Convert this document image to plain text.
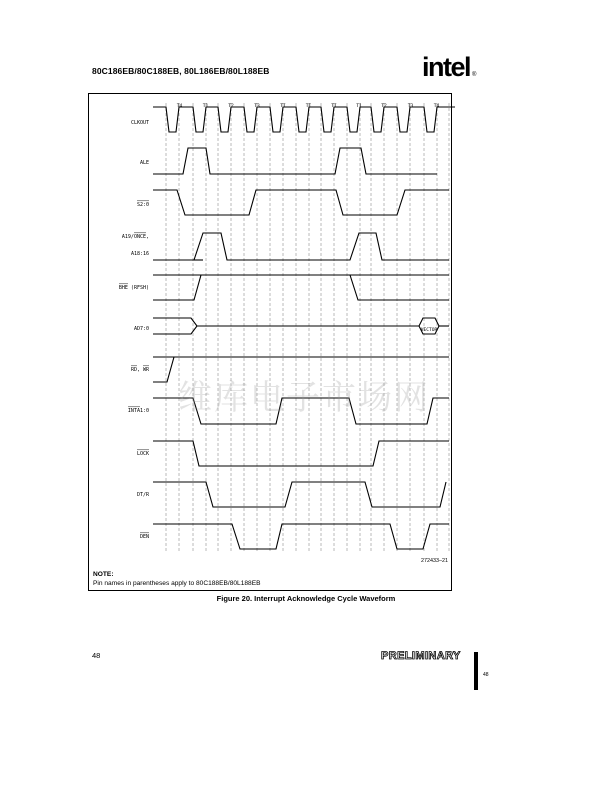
80C186EB/80C188EB, 80L186EB/80L188EB	intel ®
T4	T1	T2	T3	TI	TI	TI	T1	T2	T3	T4
CLKOUT
ALE
S2:0
A19/ONCE,
A18:16
BHE (RFSH)
AD7:0
RD, WR
INTA1:0
LOCK
DT/R
DEN
VECTOR
272433–21
NOTE:
Pin names in parentheses apply to 80C188EB/80L188EB
维库电子市场网
Figure 20. Interrupt Acknowledge Cycle Waveform
48	PRELIMINARY
48
